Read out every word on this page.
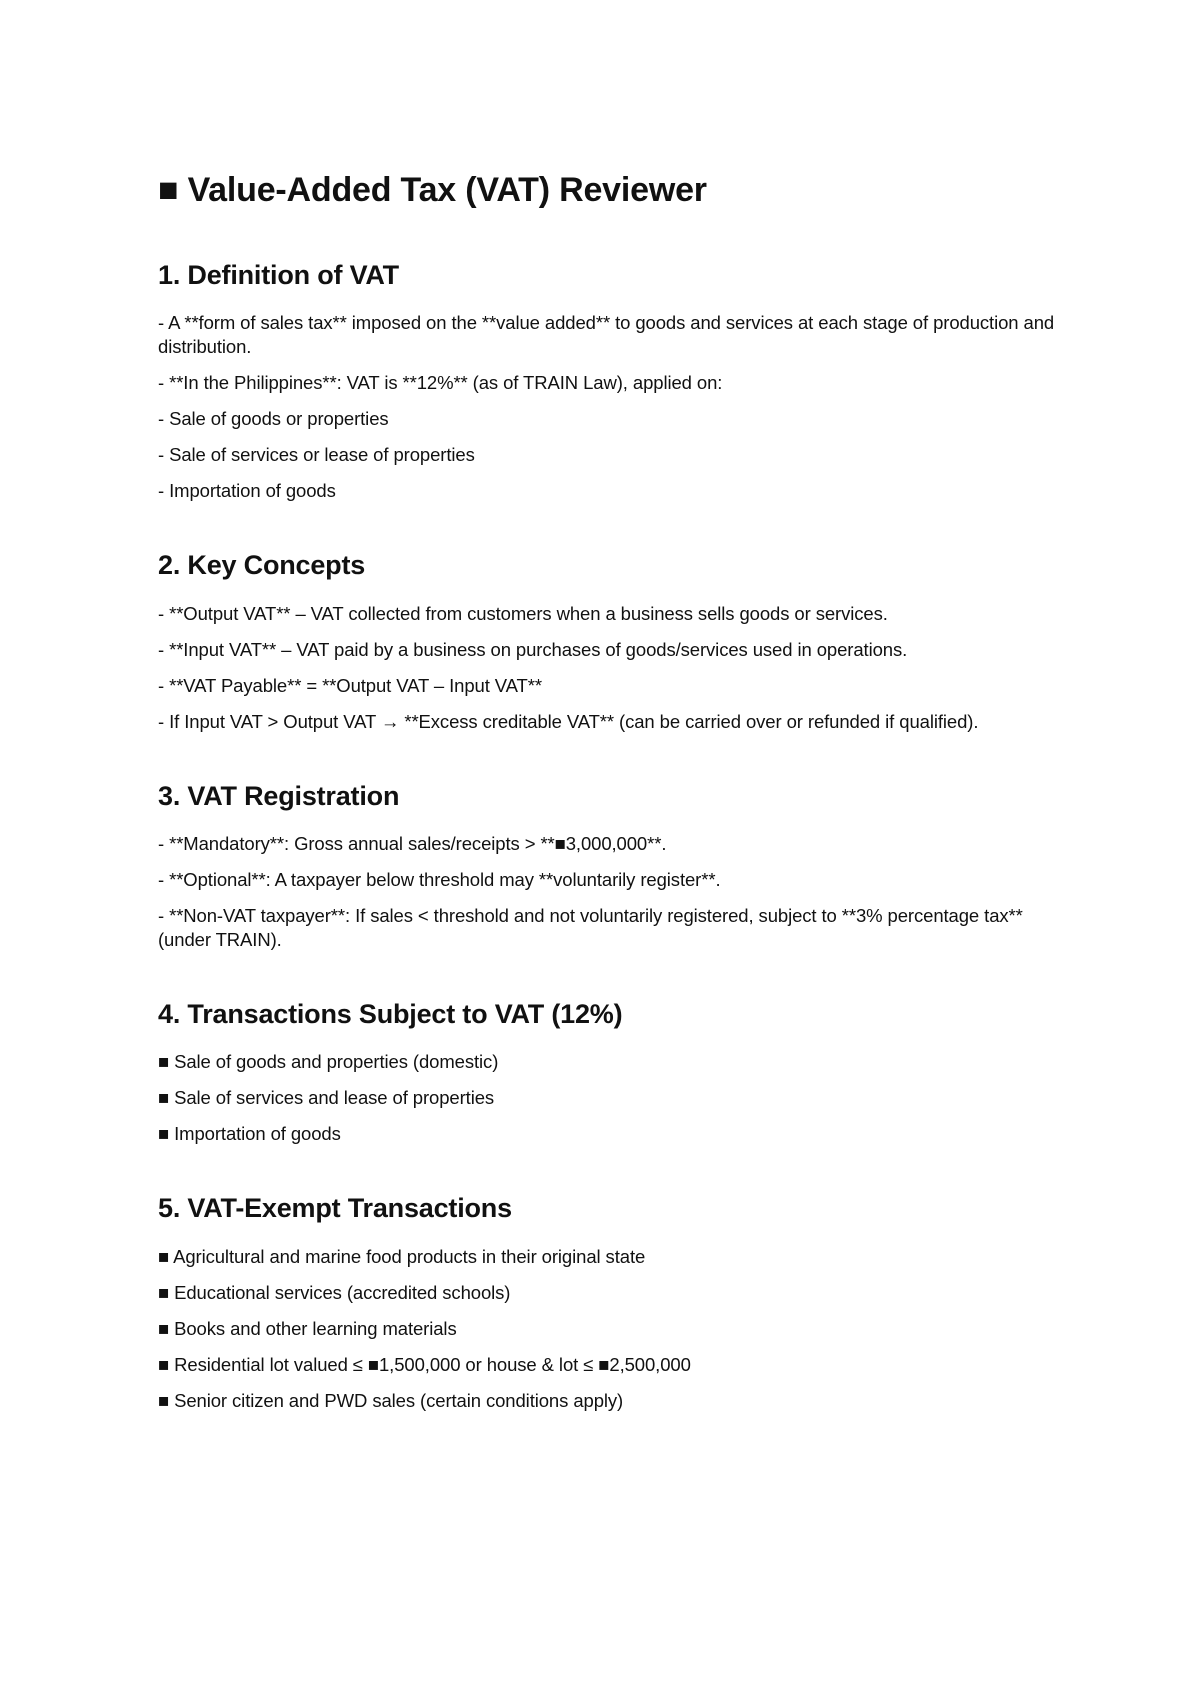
■ Value-Added Tax (VAT) Reviewer
1. Definition of VAT

- A **form of sales tax** imposed on the **value added** to goods and services at each stage of production and distribution.

- **In the Philippines**: VAT is **12%** (as of TRAIN Law), applied on:

- Sale of goods or properties

- Sale of services or lease of properties

- Importation of goods

2. Key Concepts

- **Output VAT** – VAT collected from customers when a business sells goods or services.

- **Input VAT** – VAT paid by a business on purchases of goods/services used in operations.

- **VAT Payable** = **Output VAT – Input VAT**

- If Input VAT > Output VAT → **Excess creditable VAT** (can be carried over or refunded if qualified).

3. VAT Registration

- **Mandatory**: Gross annual sales/receipts > **■3,000,000**.

- **Optional**: A taxpayer below threshold may **voluntarily register**.

- **Non-VAT taxpayer**: If sales < threshold and not voluntarily registered, subject to **3% percentage tax** (under TRAIN).

4. Transactions Subject to VAT (12%)

■ Sale of goods and properties (domestic)

■ Sale of services and lease of properties

■ Importation of goods

5. VAT-Exempt Transactions

■ Agricultural and marine food products in their original state

■ Educational services (accredited schools)

■ Books and other learning materials

■ Residential lot valued ≤ ■1,500,000 or house & lot ≤ ■2,500,000

■ Senior citizen and PWD sales (certain conditions apply)
